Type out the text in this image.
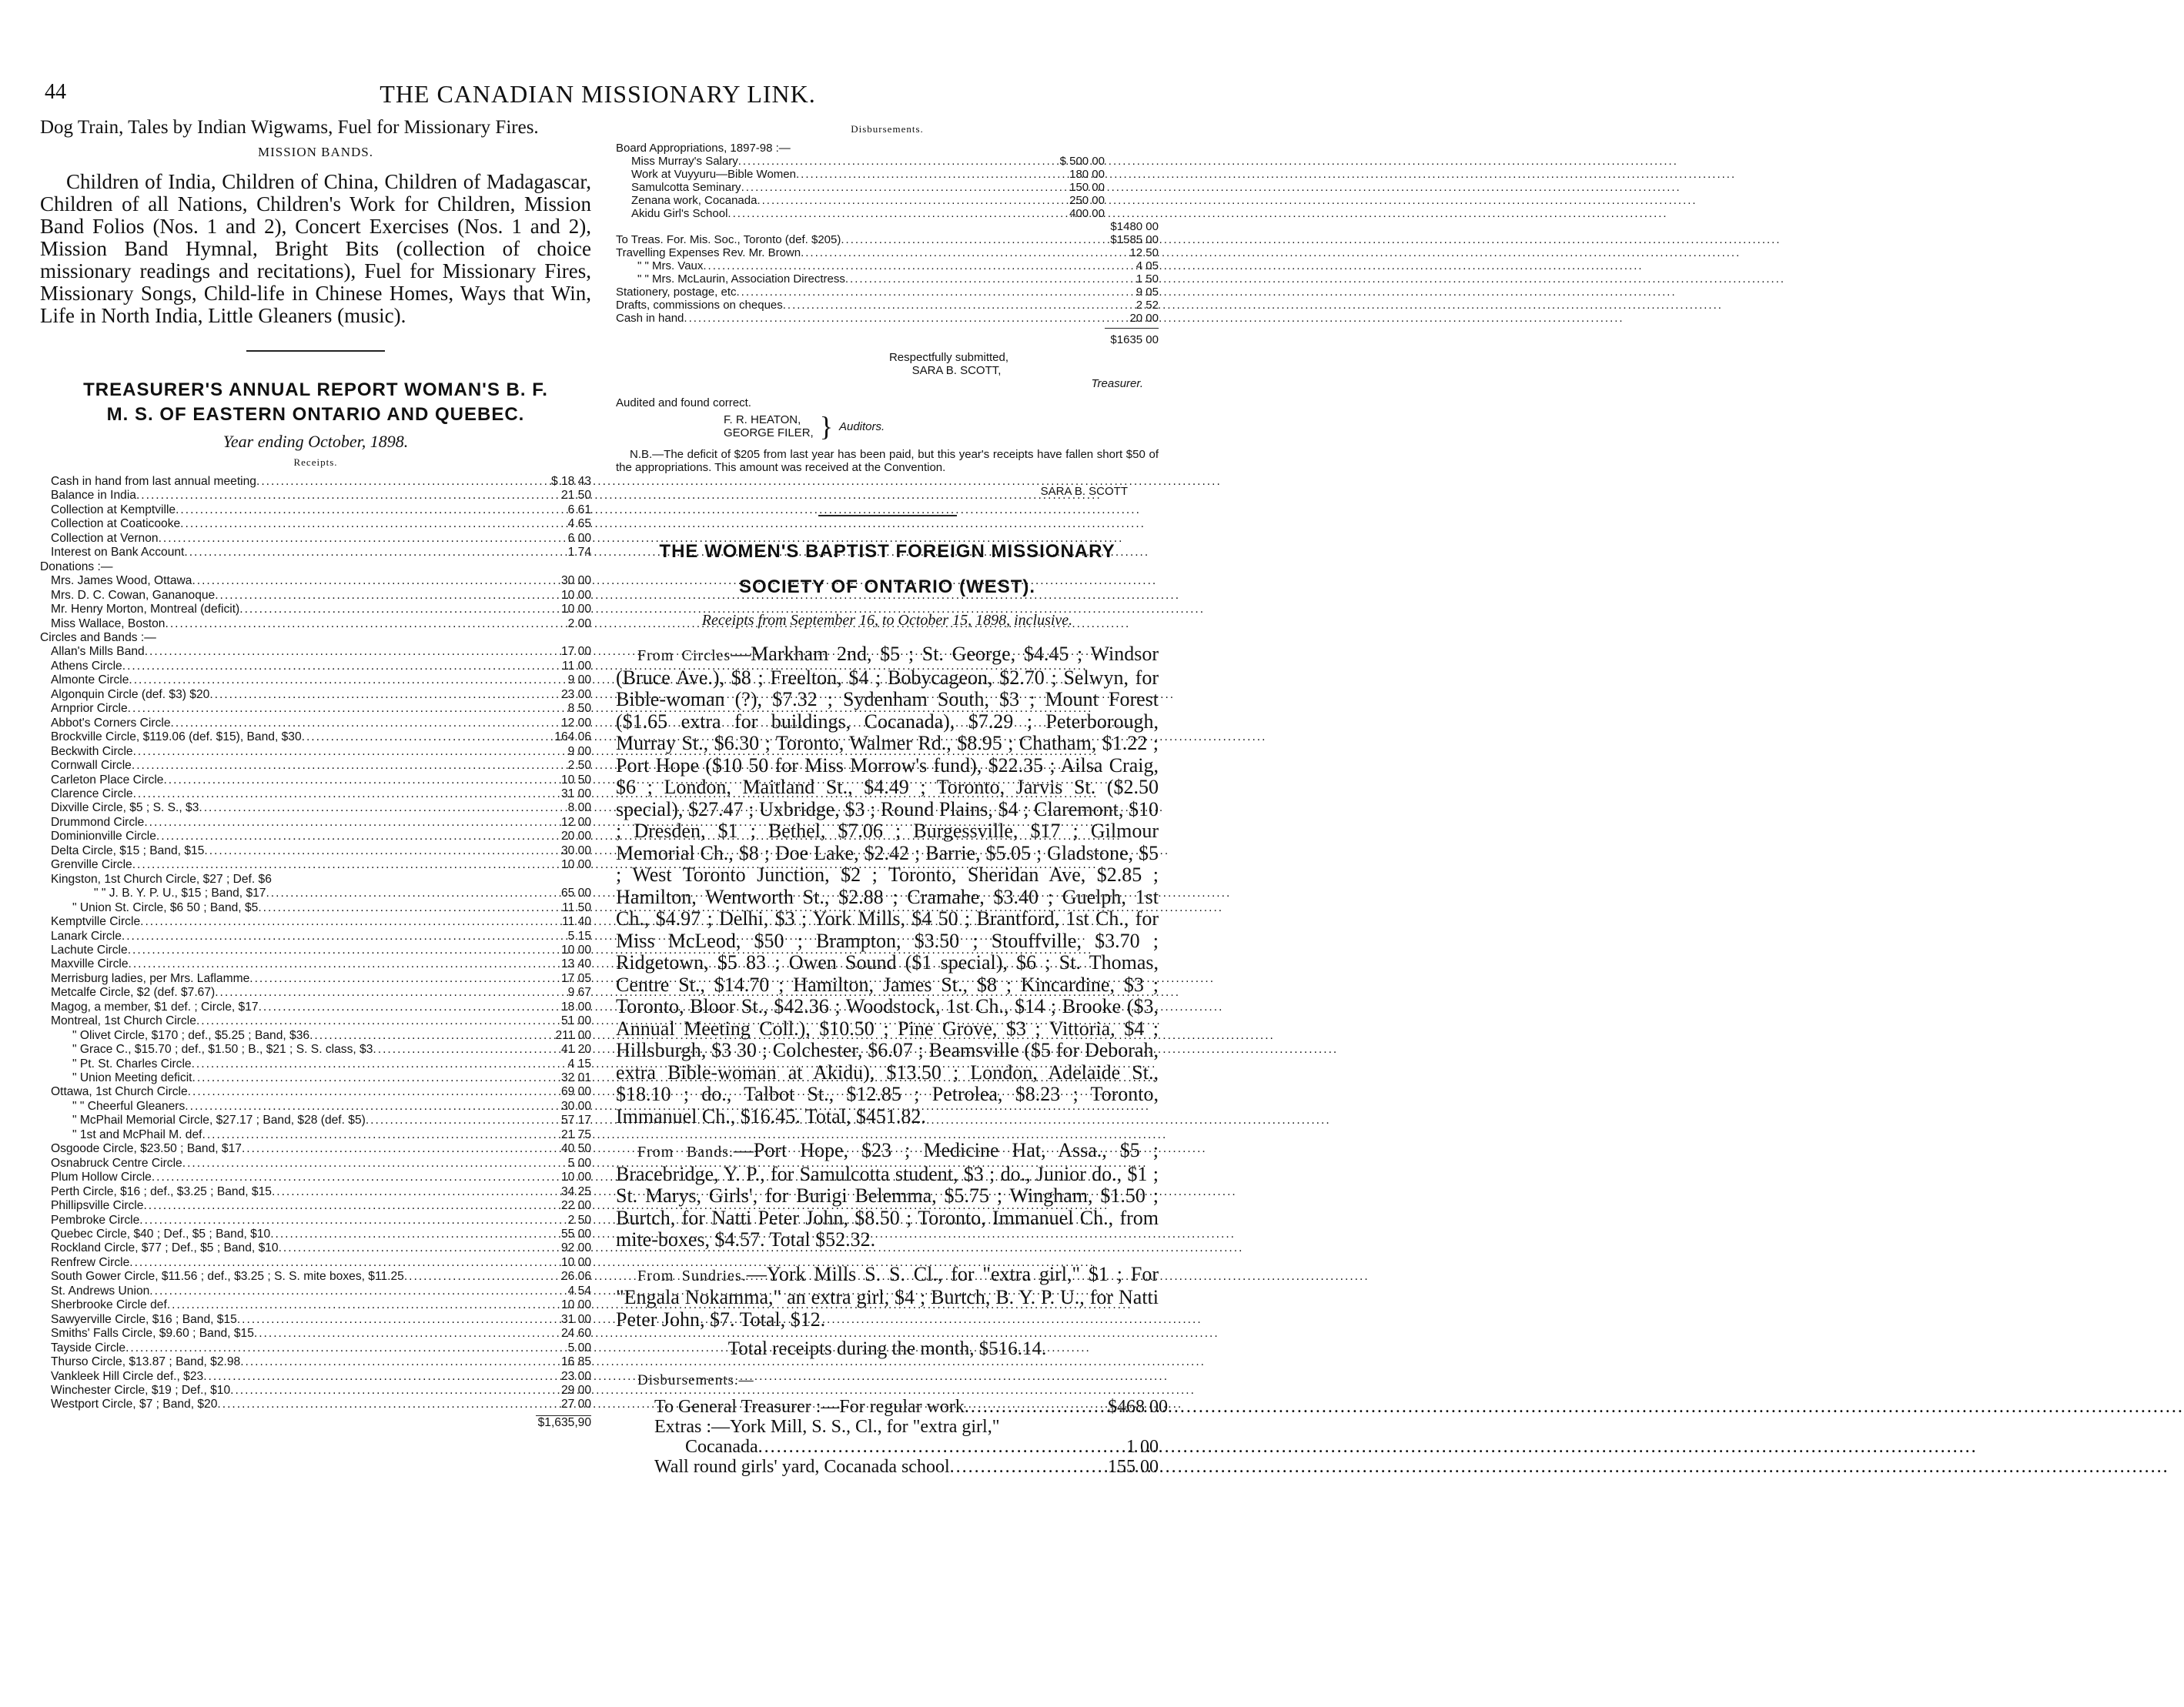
44	THE CANADIAN MISSIONARY LINK.

Dog Train, Tales by Indian Wigwams, Fuel for Missionary Fires.

MISSION BANDS.

Children of India, Children of China, Children of Madagascar, Children of all Nations, Children's Work for Children, Mission Band Folios (Nos. 1 and 2), Concert Exercises (Nos. 1 and 2), Mission Band Hymnal, Bright Bits (collection of choice missionary readings and recitations), Fuel for Missionary Fires, Missionary Songs, Child-life in Chinese Homes, Ways that Win, Life in North India, Little Gleaners (music).

TREASURER'S ANNUAL REPORT WOMAN'S B. F.
M. S. OF EASTERN ONTARIO AND QUEBEC.
Year ending October, 1898.
Receipts.
Cash in hand from last annual meeting .....	$ 18 43
Balance in India .....	21 50
Collection at Kemptville .....	6 61
Collection at Coaticooke .....	4 65
Collection at Vernon .....	6 00
Interest on Bank Account .....	1 74
Donations :—
Mrs. James Wood, Ottawa .....	30 00
Mrs. D. C. Cowan, Gananoque .....	10 00
Mr. Henry Morton, Montreal (deficit) .....	10 00
Miss Wallace, Boston .....	2 00
Circles and Bands :—
Allan's Mills Band .....	17 00
Athens Circle .....	11 00
Almonte Circle .....	9 00
Algonquin Circle (def. $3) $20 .....	23 00
Arnprior Circle .....	8 50
Abbot's Corners Circle .....	12 00
Brockville Circle, $119.06 (def. $15), Band, $30 .....	164 06
Beckwith Circle .....	9 00
Cornwall Circle .....	2 50
Carleton Place Circle .....	10 50
Clarence Circle .....	31 00
Dixville Circle, $5 ; S. S., $3 .....	8 00
Drummond Circle .....	12 00
Dominionville Circle .....	20 00
Delta Circle, $15 ; Band, $15 .....	30 00
Grenville Circle .....	10 00
Kingston, 1st Church Circle, $27 ; Def. $6
" " J. B. Y. P. U., $15 ; Band, $17 .....	65 00
" Union St. Circle, $6 50 ; Band, $5 .....	11 50
Kemptville Circle .....	11 40
Lanark Circle .....	5 15
Lachute Circle .....	10 00
Maxville Circle .....	13 40
Merrisburg ladies, per Mrs. Laflamme .....	17 05
Metcalfe Circle, $2 (def. $7.67) .....	9 67
Magog, a member, $1 def. ; Circle, $17 .....	18 00
Montreal, 1st Church Circle .....	51 00
" Olivet Circle, $170 ; def., $5.25 ; Band, $36 .....	211 00
" Grace C., $15.70 ; def., $1.50 ; B., $21 ; S. S. class, $3 .....	41 20
" Pt. St. Charles Circle .....	4 15
" Union Meeting deficit .....	32 01
Ottawa, 1st Church Circle .....	69 00
" " Cheerful Gleaners .....	30 00
" McPhail Memorial Circle, $27.17 ; Band, $28 (def. $5) .....	57 17
" 1st and McPhail M. def .....	21 75
Osgoode Circle, $23.50 ; Band, $17 .....	40 50
Osnabruck Centre Circle .....	5 00
Plum Hollow Circle .....	10 00
Perth Circle, $16 ; def., $3.25 ; Band, $15 .....	34 25
Phillipsville Circle .....	22 00
Pembroke Circle .....	2 50
Quebec Circle, $40 ; Def., $5 ; Band, $10 .....	55 00
Rockland Circle, $77 ; Def., $5 ; Band, $10 .....	92 00
Renfrew Circle .....	10 00
South Gower Circle, $11.56 ; def., $3.25 ; S. S. mite boxes, $11.25 .....	26 06
St. Andrews Union .....	4 54
Sherbrooke Circle def .....	10 00
Sawyerville Circle, $16 ; Band, $15 .....	31 00
Smiths' Falls Circle, $9.60 ; Band, $15 .....	24 60
Tayside Circle .....	5 00
Thurso Circle, $13.87 ; Band, $2.98 .....	16 85
Vankleek Hill Circle def., $23 .....	23 00
Winchester Circle, $19 ; Def., $10 .....	29 00
Westport Circle, $7 ; Band, $20 .....	27 00
$1,635,90
Disbursements.
Board Appropriations, 1897-98 :—
Miss Murray's Salary .....	$ 500 00
Work at Vuyyuru—Bible Women .....	180 00
Samulcotta Seminary .....	150 00
Zenana work, Cocanada .....	250 00
Akidu Girl's School .....	400 00
$1480 00
To Treas. For. Mis. Soc., Toronto (def. $205) .....	$1585 00
Travelling Expenses Rev. Mr. Brown .....	12 50
" " Mrs. Vaux .....	4 05
" " Mrs. McLaurin, Association Directress .....	1 50
Stationery, postage, etc .....	9 05
Drafts, commissions on cheques .....	2 52
Cash in hand .....	20 00
$1635 00
Respectfully submitted,
SARA B. SCOTT,
Treasurer.
Audited and found correct.
F. R. HEATON,
GEORGE FILER, } Auditors.

N.B.—The deficit of $205 from last year has been paid, but this year's receipts have fallen short $50 of the appropriations. This amount was received at the Convention.

SARA B. SCOTT
THE WOMEN'S BAPTIST FOREIGN MISSIONARY
SOCIETY OF ONTARIO (WEST).
Receipts from September 16, to October 15, 1898, inclusive.

From Circles—Markham 2nd, $5 ; St. George, $4.45 ; Windsor (Bruce Ave.), $8 ; Freelton, $4 ; Bobycageon, $2.70 ; Selwyn, for Bible-woman (?), $7.32 ; Sydenham South, $3 ; Mount Forest ($1.65 extra for buildings, Cocanada), $7.29 ; Peterborough, Murray St., $6.30 ; Toronto, Walmer Rd., $8.95 ; Chatham, $1.22 ; Port Hope ($10 50 for Miss Morrow's fund), $22.35 ; Ailsa Craig, $6 ; London, Maitland St., $4.49 ; Toronto, Jarvis St. ($2.50 special), $27.47 ; Uxbridge, $3 ; Round Plains, $4 ; Claremont, $10 ; Dresden, $1 ; Bethel, $7.06 ; Burgessville, $17 ; Gilmour Memorial Ch., $8 ; Doe Lake, $2.42 ; Barrie, $5.05 ; Gladstone, $5 ; West Toronto Junction, $2 ; Toronto, Sheridan Ave, $2.85 ; Hamilton, Wentworth St., $2.88 ; Cramahe, $3.40 ; Guelph, 1st Ch., $4.97 ; Delhi, $3 ; York Mills, $4 50 ; Brantford, 1st Ch., for Miss McLeod, $50 ; Brampton, $3.50 ; Stouffville, $3.70 ; Ridgetown, $5 83 ; Owen Sound ($1 special), $6 ; St. Thomas, Centre St., $14.70 ; Hamilton, James St., $8 ; Kincardine, $3 ; Toronto, Bloor St., $42.36 ; Woodstock, 1st Ch., $14 ; Brooke ($3, Annual Meeting Coll.), $10.50 ; Pine Grove, $3 ; Vittoria, $4 ; Hillsburgh, $3 30 ; Colchester, $6.07 ; Beamsville ($5 for Deborah, extra Bible-woman at Akidu), $13.50 ; London, Adelaide St., $18.10 ; do., Talbot St., $12.85 ; Petrolea, $8.23 ; Toronto, Immanuel Ch., $16.45. Total, $451.82.

From Bands.—Port Hope, $23 ; Medicine Hat, Assa., $5 ; Bracebridge, Y. P., for Samulcotta student, $3 ; do., Junior do., $1 ; St. Marys, Girls', for Burigi Belemma, $5.75 ; Wingham, $1.50 ; Burtch, for Natti Peter John, $8.50 ; Toronto, Immanuel Ch., from mite-boxes, $4.57. Total $52.32.

From Sundries.—York Mills S. S. Cl., for "extra girl," $1 ; For "Engala Nokamma," an extra girl, $4 ; Burtch, B. Y. P. U., for Natti Peter John, $7. Total, $12.

Total receipts during the month, $516.14.
Disbursements.—
To General Treasurer :—For regular work .....	$468 00
Extras :—York Mill, S. S., Cl., for "extra girl,"
Cocanada .....	1 00
Wall round girls' yard, Cocanada school .....	155 00
